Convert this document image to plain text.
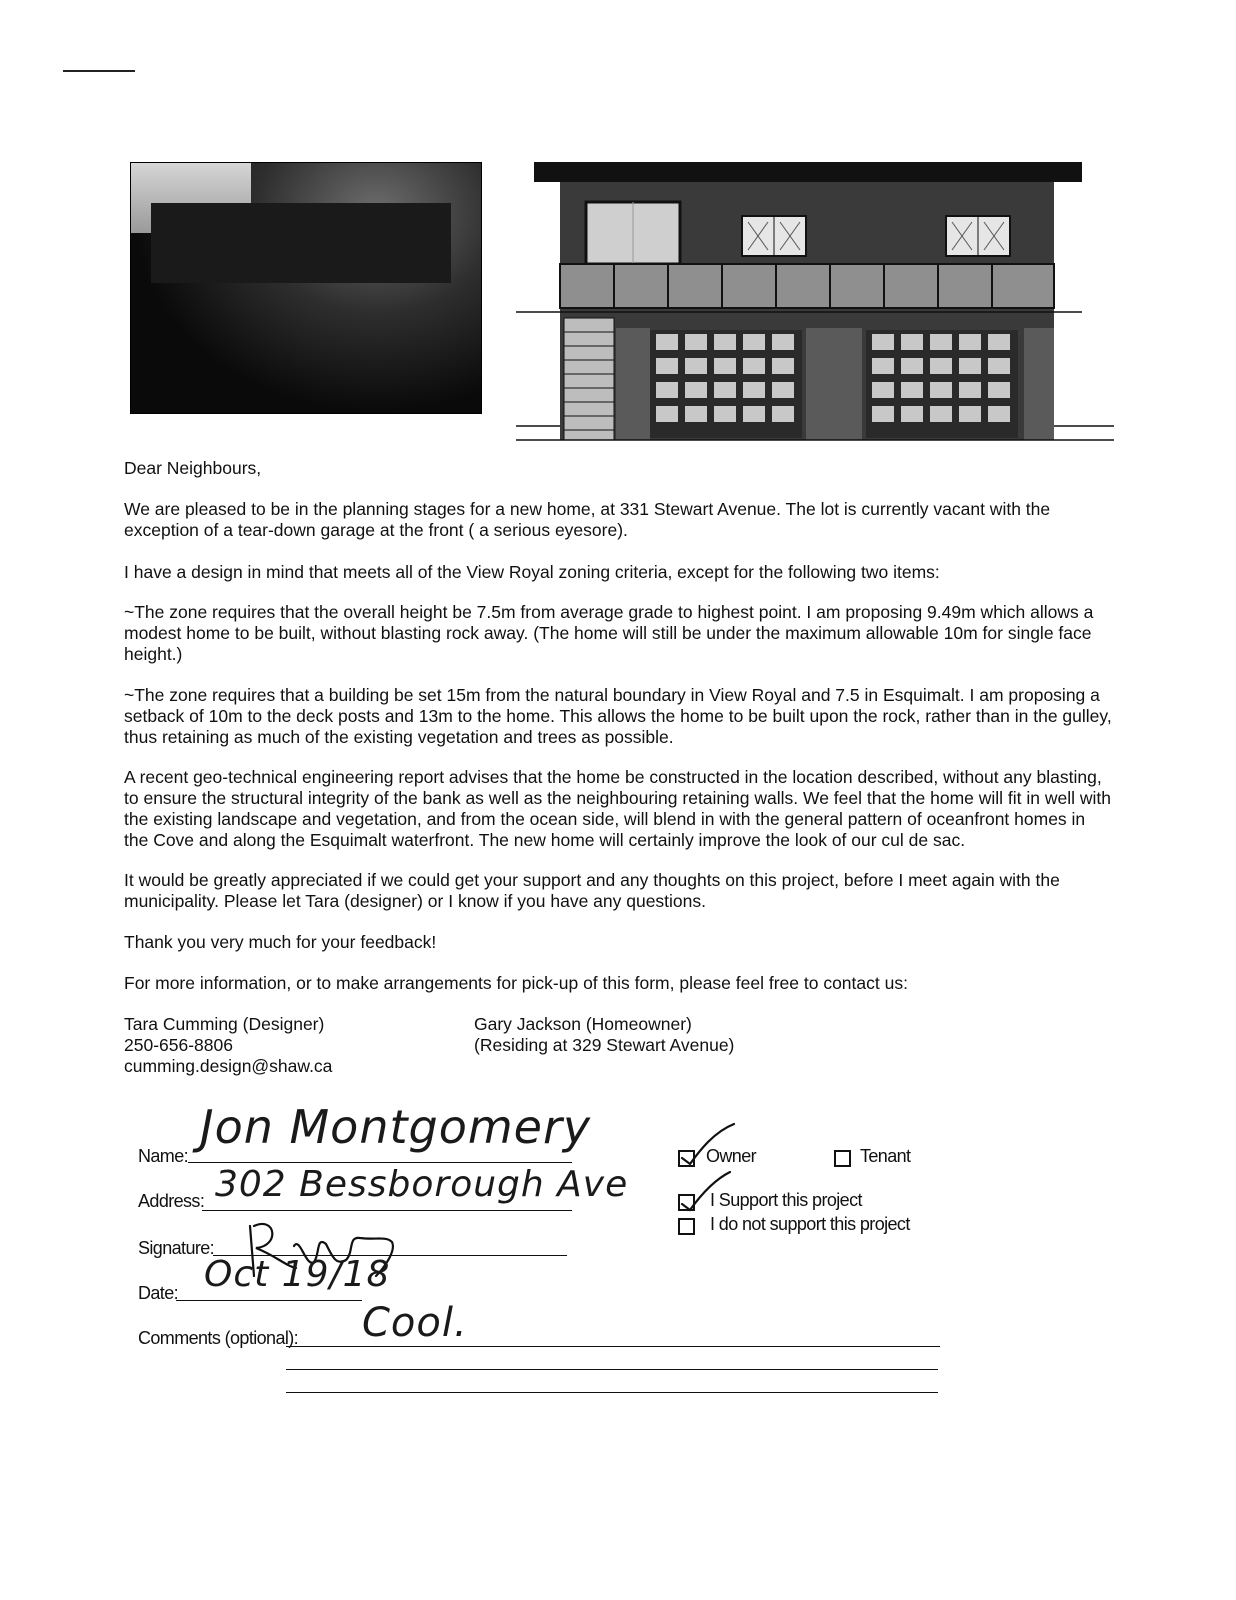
Dear Neighbours,

We are pleased to be in the planning stages for a new home, at 331 Stewart Avenue. The lot is currently vacant with the exception of a tear-down garage at the front ( a serious eyesore).

I have a design in mind that meets all of the View Royal zoning criteria, except for the following two items:

~The zone requires that the overall height be 7.5m from average grade to highest point. I am proposing 9.49m which allows a modest home to be built, without blasting rock away. (The home will still be under the maximum allowable 10m for single face height.)

~The zone requires that a building be set 15m from the natural boundary in View Royal and 7.5 in Esquimalt. I am proposing a setback of 10m to the deck posts and 13m to the home. This allows the home to be built upon the rock, rather than in the gulley, thus retaining as much of the existing vegetation and trees as possible.

A recent geo-technical engineering report advises that the home be constructed in the location described, without any blasting, to ensure the structural integrity of the bank as well as the neighbouring retaining walls. We feel that the home will fit in well with the existing landscape and vegetation, and from the ocean side, will blend in with the general pattern of oceanfront homes in the Cove and along the Esquimalt waterfront. The new home will certainly improve the look of our cul de sac.

It would be greatly appreciated if we could get your support and any thoughts on this project, before I meet again with the municipality. Please let Tara (designer) or I know if you have any questions.

Thank you very much for your feedback!

For more information, or to make arrangements for pick-up of this form, please feel free to contact us:

Tara Cumming (Designer)
250-656-8806
cumming.design@shaw.ca
Gary Jackson (Homeowner)
(Residing at 329 Stewart Avenue)
Name:
Jon Montgomery
Address: 302 Bessborough Ave
Signature:
Date: Oct 19/18
Comments (optional): Cool.
Owner	Tenant
I Support this project
I do not support this project
